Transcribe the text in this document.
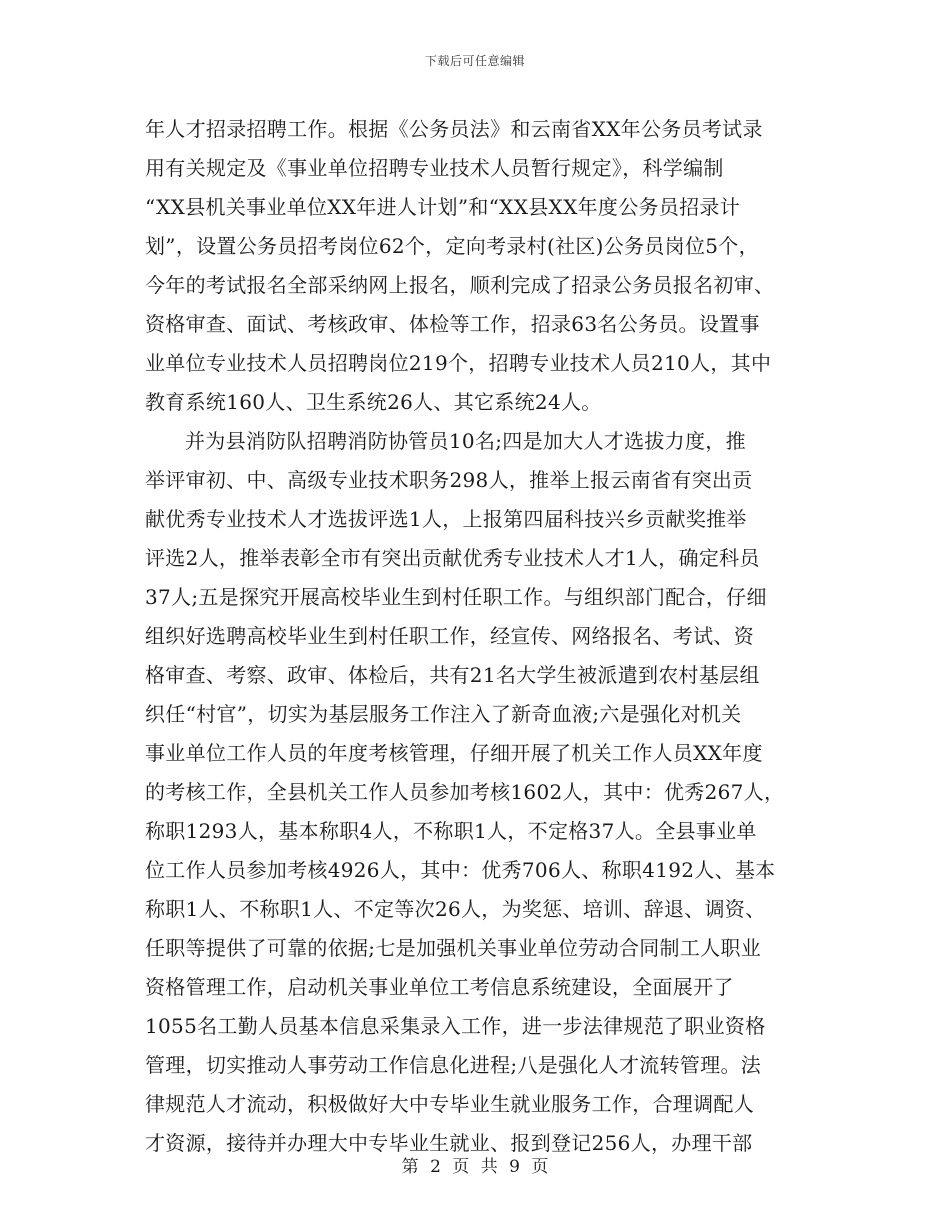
下载后可任意编辑
年人才招录招聘工作。根据《公务员法》和云南省XX年公务员考试录
用有关规定及《事业单位招聘专业技术人员暂行规定》，科学编制
“XX县机关事业单位XX年进人计划”和“XX县XX年度公务员招录计
划”，设置公务员招考岗位62个，定向考录村(社区)公务员岗位5个，
今年的考试报名全部采纳网上报名，顺利完成了招录公务员报名初审、
资格审查、面试、考核政审、体检等工作，招录63名公务员。设置事
业单位专业技术人员招聘岗位219个，招聘专业技术人员210人，其中
教育系统160人、卫生系统26人、其它系统24人。
并为县消防队招聘消防协管员10名;四是加大人才选拔力度，推
举评审初、中、高级专业技术职务298人，推举上报云南省有突出贡
献优秀专业技术人才选拔评选1人，上报第四届科技兴乡贡献奖推举
评选2人，推举表彰全市有突出贡献优秀专业技术人才1人，确定科员
37人;五是探究开展高校毕业生到村任职工作。与组织部门配合，仔细
组织好选聘高校毕业生到村任职工作，经宣传、网络报名、考试、资
格审查、考察、政审、体检后，共有21名大学生被派遣到农村基层组
织任“村官”，切实为基层服务工作注入了新奇血液;六是强化对机关
事业单位工作人员的年度考核管理，仔细开展了机关工作人员XX年度
的考核工作，全县机关工作人员参加考核1602人，其中：优秀267人，
称职1293人，基本称职4人，不称职1人，不定格37人。全县事业单
位工作人员参加考核4926人，其中：优秀706人、称职4192人、基本
称职1人、不称职1人、不定等次26人，为奖惩、培训、辞退、调资、
任职等提供了可靠的依据;七是加强机关事业单位劳动合同制工人职业
资格管理工作，启动机关事业单位工考信息系统建设，全面展开了
1055名工勤人员基本信息采集录入工作，进一步法律规范了职业资格
管理，切实推动人事劳动工作信息化进程;八是强化人才流转管理。法
律规范人才流动，积极做好大中专毕业生就业服务工作，合理调配人
才资源，接待并办理大中专毕业生就业、报到登记256人，办理干部
第 2 页 共 9 页
